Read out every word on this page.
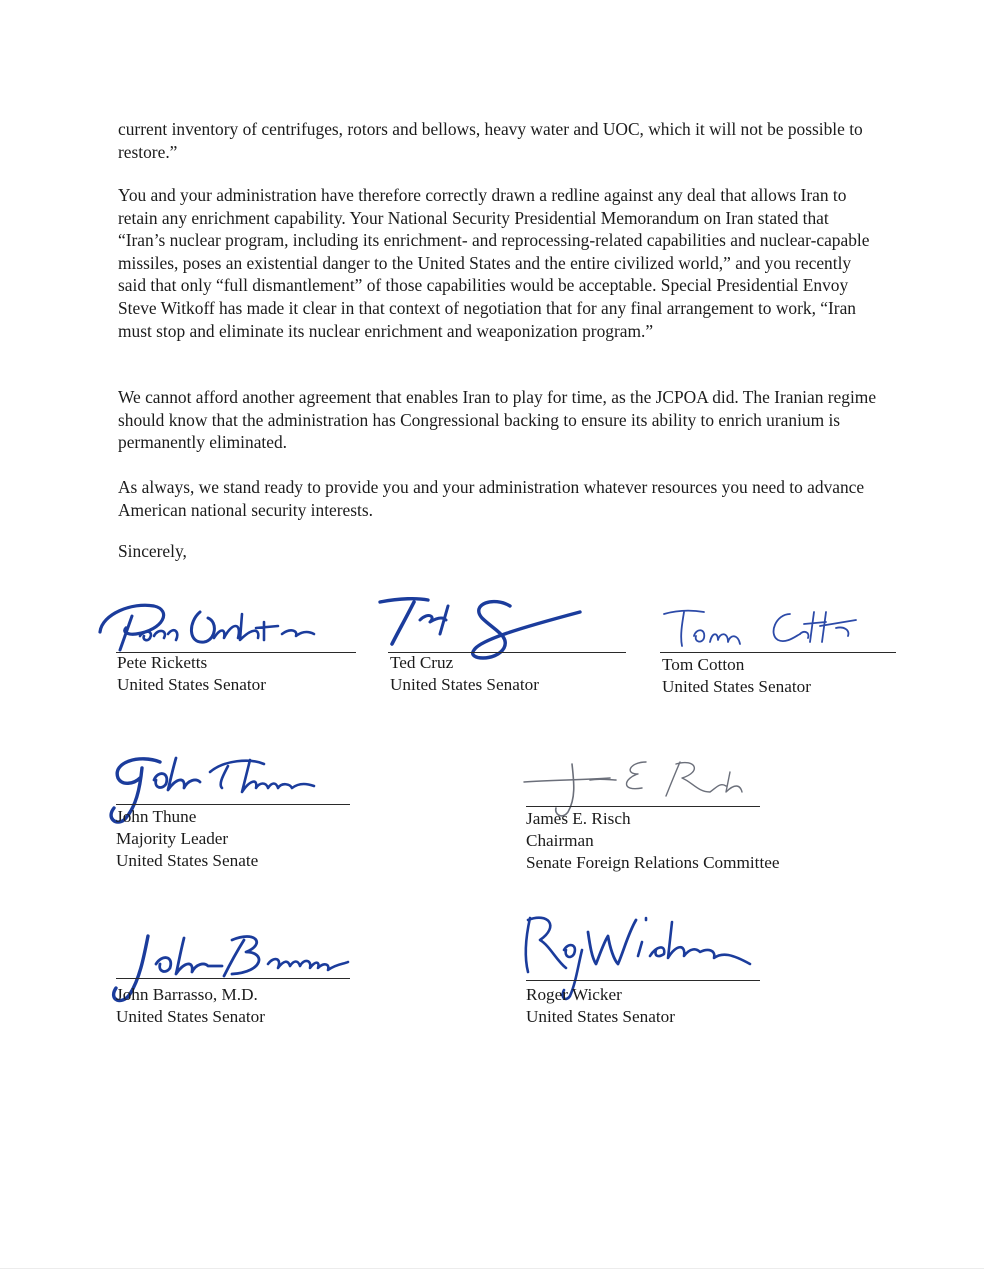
current inventory of centrifuges, rotors and bellows, heavy water and UOC, which it will not be possible to restore.”

You and your administration have therefore correctly drawn a redline against any deal that allows Iran to retain any enrichment capability. Your National Security Presidential Memorandum on Iran stated that “Iran’s nuclear program, including its enrichment- and reprocessing-related capabilities and nuclear-capable missiles, poses an existential danger to the United States and the entire civilized world,” and you recently said that only “full dismantlement” of those capabilities would be acceptable. Special Presidential Envoy Steve Witkoff has made it clear in that context of negotiation that for any final arrangement to work, “Iran must stop and eliminate its nuclear enrichment and weaponization program.”

We cannot afford another agreement that enables Iran to play for time, as the JCPOA did. The Iranian regime should know that the administration has Congressional backing to ensure its ability to enrich uranium is permanently eliminated.

As always, we stand ready to provide you and your administration whatever resources you need to advance American national security interests.

Sincerely,

Pete Ricketts
United States Senator
Ted Cruz
United States Senator
Tom Cotton
United States Senator
John Thune
Majority Leader
United States Senate
James E. Risch
Chairman
Senate Foreign Relations Committee
John Barrasso, M.D.
United States Senator
Roger Wicker
United States Senator
